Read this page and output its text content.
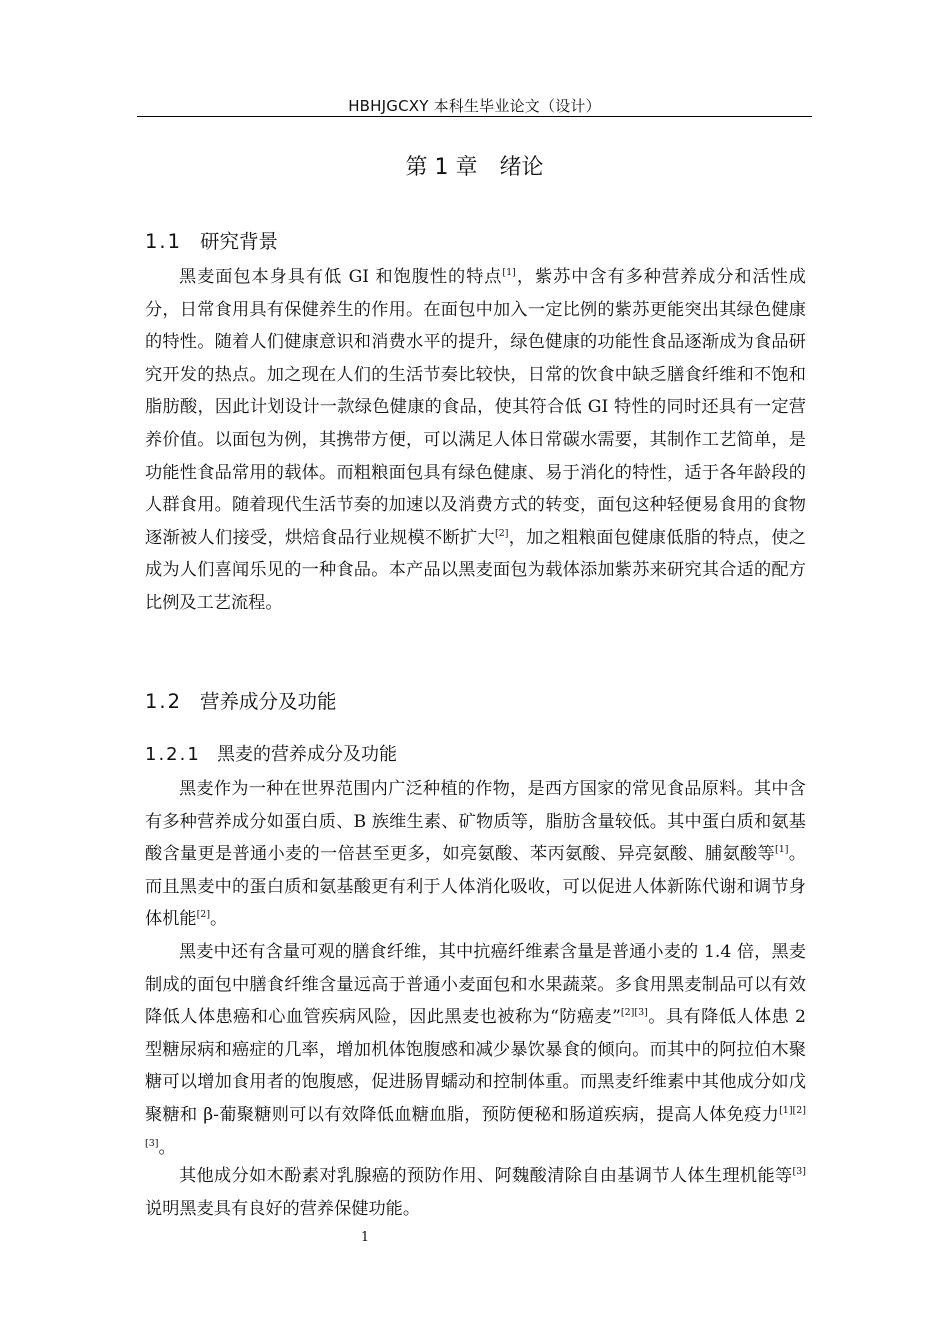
HBHJGCXY 本科生毕业论文（设计）
第 1 章 绪论
1.1 研究背景

黑麦面包本身具有低 GI 和饱腹性的特点[1]，紫苏中含有多种营养成分和活性成分，日常食用具有保健养生的作用。在面包中加入一定比例的紫苏更能突出其绿色健康的特性。随着人们健康意识和消费水平的提升，绿色健康的功能性食品逐渐成为食品研究开发的热点。加之现在人们的生活节奏比较快，日常的饮食中缺乏膳食纤维和不饱和脂肪酸，因此计划设计一款绿色健康的食品，使其符合低 GI 特性的同时还具有一定营养价值。以面包为例，其携带方便，可以满足人体日常碳水需要，其制作工艺简单，是功能性食品常用的载体。而粗粮面包具有绿色健康、易于消化的特性，适于各年龄段的人群食用。随着现代生活节奏的加速以及消费方式的转变，面包这种轻便易食用的食物逐渐被人们接受，烘焙食品行业规模不断扩大[2]，加之粗粮面包健康低脂的特点，使之成为人们喜闻乐见的一种食品。本产品以黑麦面包为载体添加紫苏来研究其合适的配方比例及工艺流程。

1.2 营养成分及功能
1.2.1 黑麦的营养成分及功能

黑麦作为一种在世界范围内广泛种植的作物，是西方国家的常见食品原料。其中含有多种营养成分如蛋白质、B 族维生素、矿物质等，脂肪含量较低。其中蛋白质和氨基酸含量更是普通小麦的一倍甚至更多，如亮氨酸、苯丙氨酸、异亮氨酸、脯氨酸等[1]。而且黑麦中的蛋白质和氨基酸更有利于人体消化吸收，可以促进人体新陈代谢和调节身体机能[2]。

黑麦中还有含量可观的膳食纤维，其中抗癌纤维素含量是普通小麦的 1.4 倍，黑麦制成的面包中膳食纤维含量远高于普通小麦面包和水果蔬菜。多食用黑麦制品可以有效降低人体患癌和心血管疾病风险，因此黑麦也被称为“防癌麦”[2][3]。具有降低人体患 2 型糖尿病和癌症的几率，增加机体饱腹感和减少暴饮暴食的倾向。而其中的阿拉伯木聚糖可以增加食用者的饱腹感，促进肠胃蠕动和控制体重。而黑麦纤维素中其他成分如戊聚糖和 β-葡聚糖则可以有效降低血糖血脂，预防便秘和肠道疾病，提高人体免疫力[1][2][3]。

其他成分如木酚素对乳腺癌的预防作用、阿魏酸清除自由基调节人体生理机能等[3]说明黑麦具有良好的营养保健功能。

1
